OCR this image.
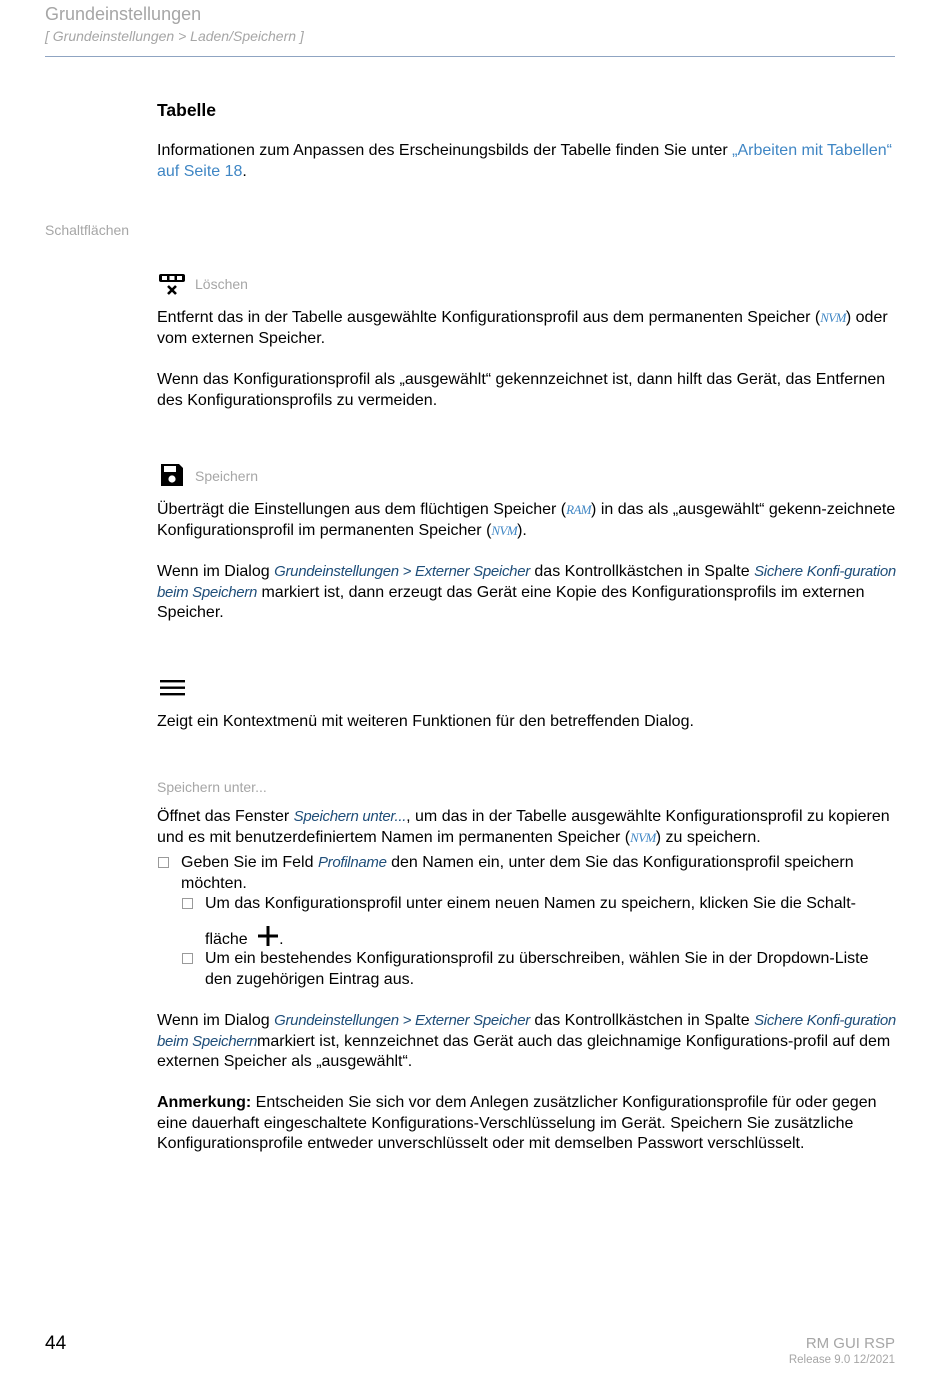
Grundeinstellungen
[ Grundeinstellungen > Laden/Speichern ]
Tabelle
Informationen zum Anpassen des Erscheinungsbilds der Tabelle finden Sie unter „Arbeiten mit Tabellen“ auf Seite 18.
Schaltflächen
Löschen
Entfernt das in der Tabelle ausgewählte Konfigurationsprofil aus dem permanenten Speicher (NVM) oder vom externen Speicher.
Wenn das Konfigurationsprofil als „ausgewählt“ gekennzeichnet ist, dann hilft das Gerät, das Entfernen des Konfigurationsprofils zu vermeiden.
Speichern
Überträgt die Einstellungen aus dem flüchtigen Speicher (RAM) in das als „ausgewählt“ gekenn-zeichnete Konfigurationsprofil im permanenten Speicher (NVM).
Wenn im Dialog Grundeinstellungen > Externer Speicher das Kontrollkästchen in Spalte Sichere Konfi-guration beim Speichern markiert ist, dann erzeugt das Gerät eine Kopie des Konfigurationsprofils im externen Speicher.
Zeigt ein Kontextmenü mit weiteren Funktionen für den betreffenden Dialog.
Speichern unter...
Öffnet das Fenster Speichern unter..., um das in der Tabelle ausgewählte Konfigurationsprofil zu kopieren und es mit benutzerdefiniertem Namen im permanenten Speicher (NVM) zu speichern.
Geben Sie im Feld Profilname den Namen ein, unter dem Sie das Konfigurationsprofil speichern möchten.
Um das Konfigurationsprofil unter einem neuen Namen zu speichern, klicken Sie die Schalt-
fläche .
Um ein bestehendes Konfigurationsprofil zu überschreiben, wählen Sie in der Dropdown-Liste den zugehörigen Eintrag aus.
Wenn im Dialog Grundeinstellungen > Externer Speicher das Kontrollkästchen in Spalte Sichere Konfi-guration beim Speichernmarkiert ist, kennzeichnet das Gerät auch das gleichnamige Konfigurations-profil auf dem externen Speicher als „ausgewählt“.
Anmerkung: Entscheiden Sie sich vor dem Anlegen zusätzlicher Konfigurationsprofile für oder gegen eine dauerhaft eingeschaltete Konfigurations-Verschlüsselung im Gerät. Speichern Sie zusätzliche Konfigurationsprofile entweder unverschlüsselt oder mit demselben Passwort verschlüsselt.
44	RM GUI RSP
Release 9.0 12/2021
